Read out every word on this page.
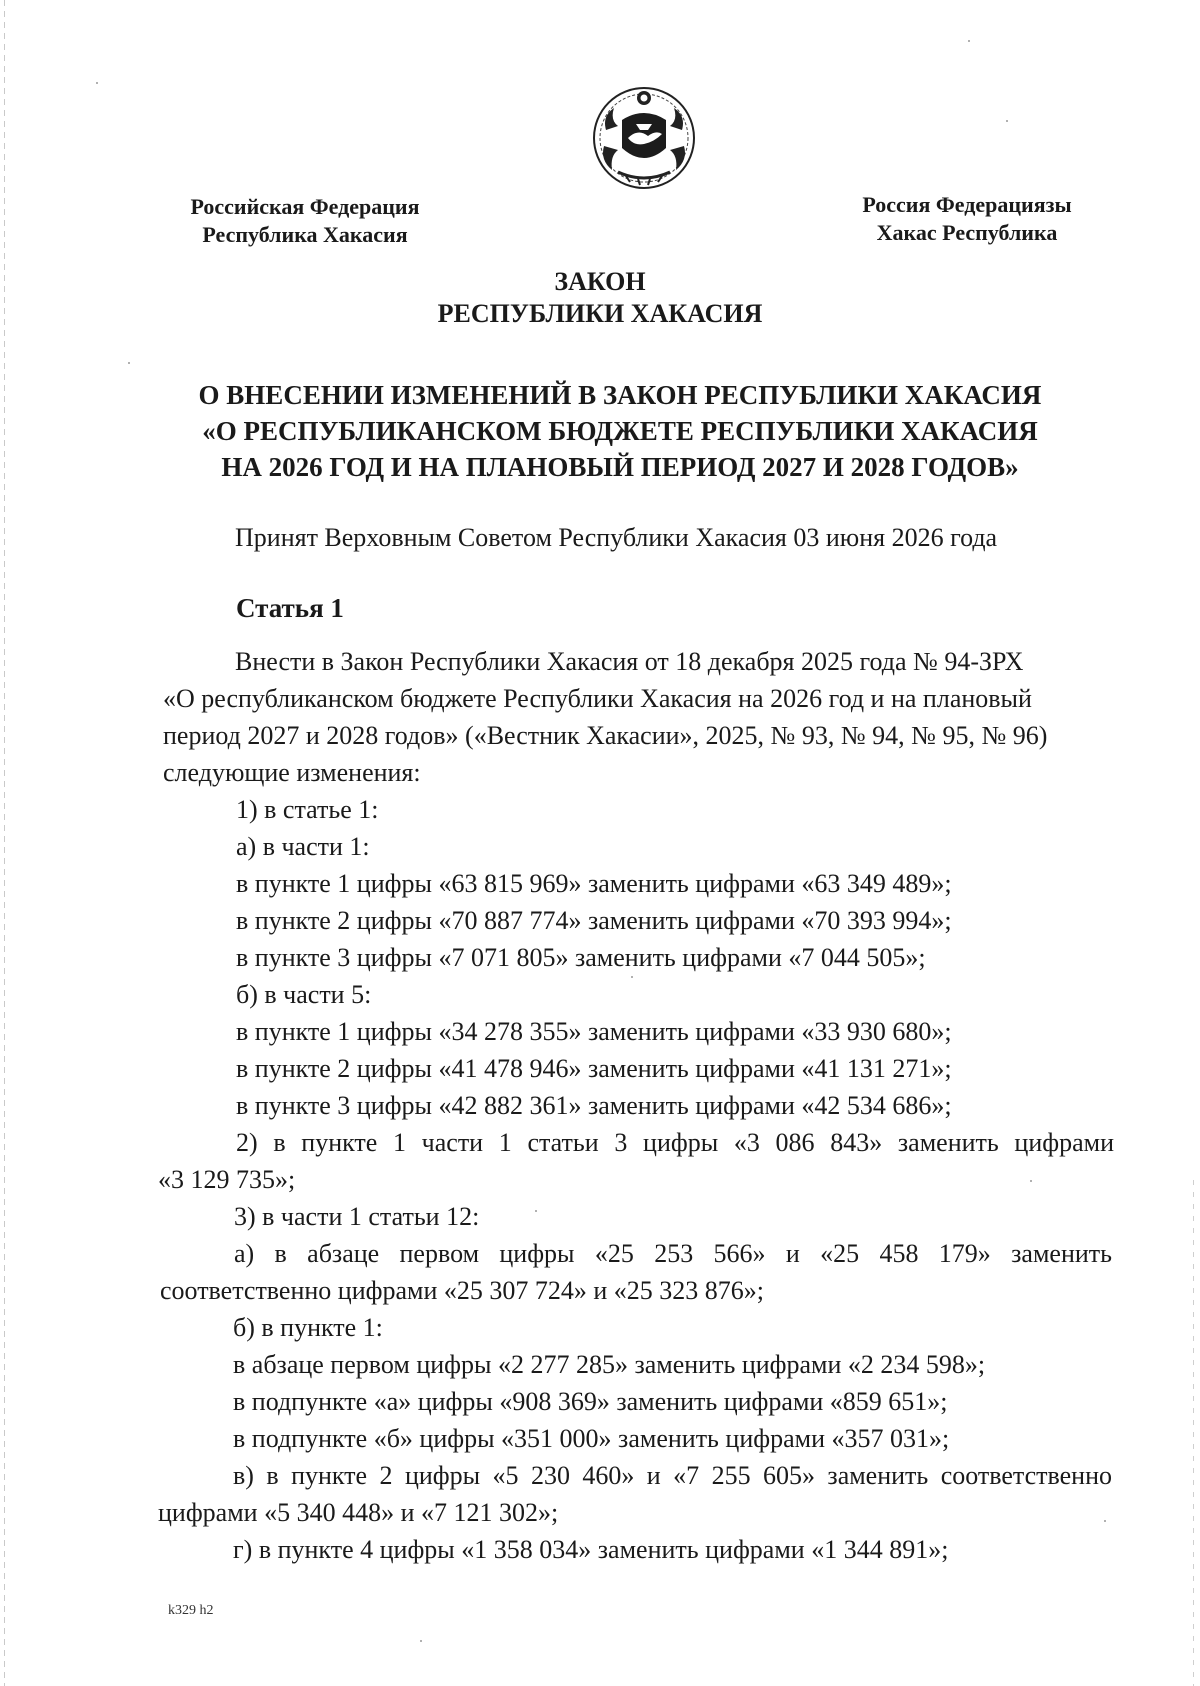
Российская Федерация
Республика Хакасия
Россия Федерациязы
Хакас Республика
ЗАКОН
РЕСПУБЛИКИ ХАКАСИЯ
О ВНЕСЕНИИ ИЗМЕНЕНИЙ В ЗАКОН РЕСПУБЛИКИ ХАКАСИЯ
«О РЕСПУБЛИКАНСКОМ БЮДЖЕТЕ РЕСПУБЛИКИ ХАКАСИЯ
НА 2026 ГОД И НА ПЛАНОВЫЙ ПЕРИОД 2027 И 2028 ГОДОВ»
Принят Верховным Советом Республики Хакасия 03 июня 2026 года
Статья 1
Внести в Закон Республики Хакасия от 18 декабря 2025 года № 94-ЗРХ
«О республиканском бюджете Республики Хакасия на 2026 год и на плановый
период 2027 и 2028 годов» («Вестник Хакасии», 2025, № 93, № 94, № 95, № 96)
следующие изменения:
1) в статье 1:
а) в части 1:
в пункте 1 цифры «63 815 969» заменить цифрами «63 349 489»;
в пункте 2 цифры «70 887 774» заменить цифрами «70 393 994»;
в пункте 3 цифры «7 071 805» заменить цифрами «7 044 505»;
б) в части 5:
в пункте 1 цифры «34 278 355» заменить цифрами «33 930 680»;
в пункте 2 цифры «41 478 946» заменить цифрами «41 131 271»;
в пункте 3 цифры «42 882 361» заменить цифрами «42 534 686»;
2) в пункте 1 части 1 статьи 3 цифры «3 086 843» заменить цифрами
«3 129 735»;
3) в части 1 статьи 12:
а) в абзаце первом цифры «25 253 566» и «25 458 179» заменить
соответственно цифрами «25 307 724» и «25 323 876»;
б) в пункте 1:
в абзаце первом цифры «2 277 285» заменить цифрами «2 234 598»;
в подпункте «а» цифры «908 369» заменить цифрами «859 651»;
в подпункте «б» цифры «351 000» заменить цифрами «357 031»;
в) в пункте 2 цифры «5 230 460» и «7 255 605» заменить соответственно
цифрами «5 340 448» и «7 121 302»;
г) в пункте 4 цифры «1 358 034» заменить цифрами «1 344 891»;
k329 h2
